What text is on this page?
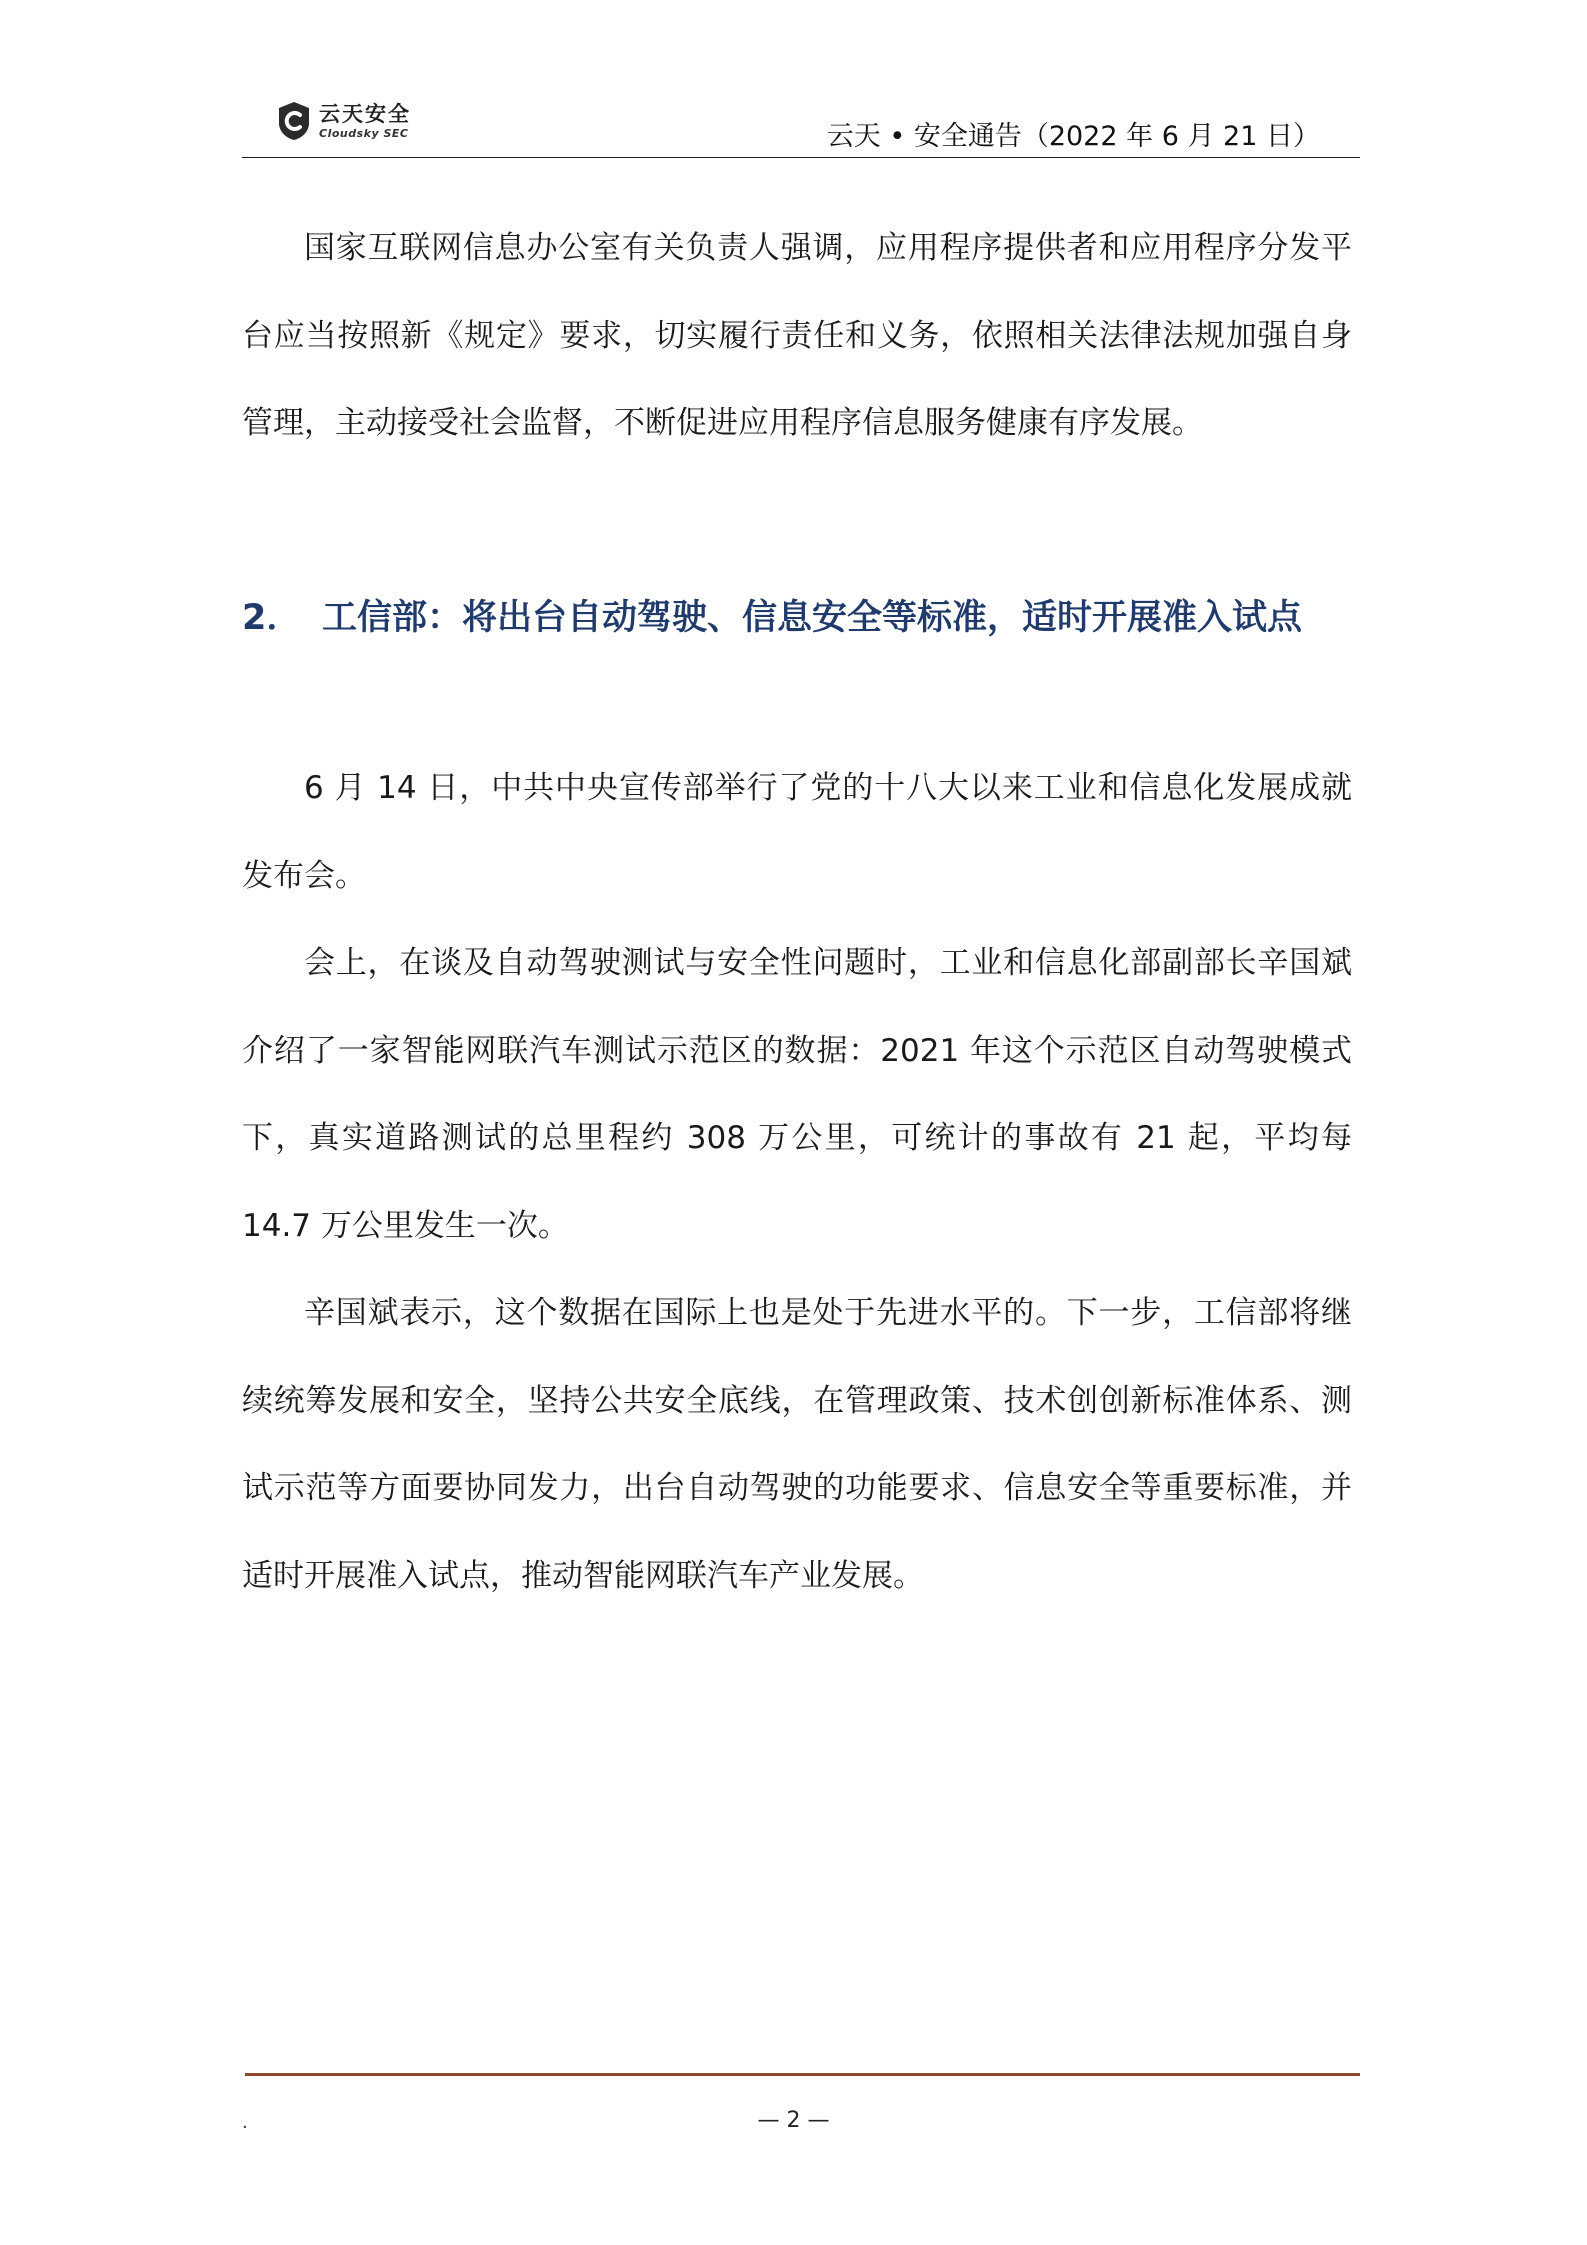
云天安全
Cloudsky SEC	云天 • 安全通告（2022 年 6 月 21 日）

国家互联网信息办公室有关负责人强调，应用程序提供者和应用程序分发平台应当按照新《规定》要求，切实履行责任和义务，依照相关法律法规加强自身管理，主动接受社会监督，不断促进应用程序信息服务健康有序发展。

2． 工信部：将出台自动驾驶、信息安全等标准，适时开展准入试点

6 月 14 日，中共中央宣传部举行了党的十八大以来工业和信息化发展成就发布会。

会上，在谈及自动驾驶测试与安全性问题时，工业和信息化部副部长辛国斌介绍了一家智能网联汽车测试示范区的数据：2021 年这个示范区自动驾驶模式下，真实道路测试的总里程约 308 万公里，可统计的事故有 21 起，平均每 14.7 万公里发生一次。

辛国斌表示，这个数据在国际上也是处于先进水平的。下一步，工信部将继续统筹发展和安全，坚持公共安全底线，在管理政策、技术创创新标准体系、测试示范等方面要协同发力，出台自动驾驶的功能要求、信息安全等重要标准，并适时开展准入试点，推动智能网联汽车产业发展。

.	— 2 —
